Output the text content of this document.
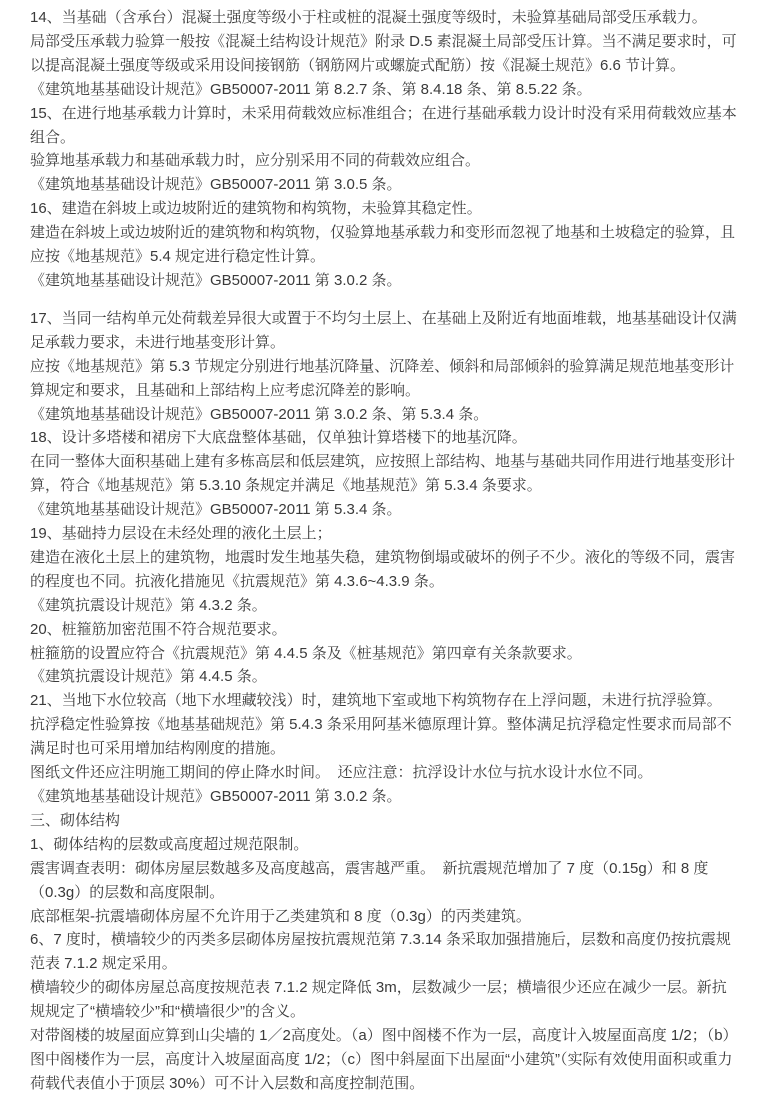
14、当基础（含承台）混凝土强度等级小于柱或桩的混凝土强度等级时，未验算基础局部受压承载力。

局部受压承载力验算一般按《混凝土结构设计规范》附录 D.5 素混凝土局部受压计算。当不满足要求时，可以提高混凝土强度等级或采用设间接钢筋（钢筋网片或螺旋式配筋）按《混凝土规范》6.6 节计算。

《建筑地基基础设计规范》GB50007-2011 第 8.2.7 条、第 8.4.18 条、第 8.5.22 条。

15、在进行地基承载力计算时，未采用荷载效应标准组合；在进行基础承载力设计时没有采用荷载效应基本组合。

验算地基承载力和基础承载力时，应分别采用不同的荷载效应组合。

《建筑地基基础设计规范》GB50007-2011 第 3.0.5 条。

16、建造在斜坡上或边坡附近的建筑物和构筑物，未验算其稳定性。

建造在斜坡上或边坡附近的建筑物和构筑物，仅验算地基承载力和变形而忽视了地基和土坡稳定的验算，且应按《地基规范》5.4 规定进行稳定性计算。

《建筑地基基础设计规范》GB50007-2011 第 3.0.2 条。

17、当同一结构单元处荷载差异很大或置于不均匀土层上、在基础上及附近有地面堆载，地基基础设计仅满足承载力要求，未进行地基变形计算。

应按《地基规范》第 5.3 节规定分别进行地基沉降量、沉降差、倾斜和局部倾斜的验算满足规范地基变形计算规定和要求，且基础和上部结构上应考虑沉降差的影响。

《建筑地基基础设计规范》GB50007-2011 第 3.0.2 条、第 5.3.4 条。

18、设计多塔楼和裙房下大底盘整体基础，仅单独计算塔楼下的地基沉降。

在同一整体大面积基础上建有多栋高层和低层建筑，应按照上部结构、地基与基础共同作用进行地基变形计算，符合《地基规范》第 5.3.10 条规定并满足《地基规范》第 5.3.4 条要求。

《建筑地基基础设计规范》GB50007-2011 第 5.3.4 条。

19、基础持力层设在未经处理的液化土层上；

建造在液化土层上的建筑物，地震时发生地基失稳，建筑物倒塌或破坏的例子不少。液化的等级不同，震害的程度也不同。抗液化措施见《抗震规范》第 4.3.6~4.3.9 条。

《建筑抗震设计规范》第 4.3.2 条。

20、桩箍筋加密范围不符合规范要求。

桩箍筋的设置应符合《抗震规范》第 4.4.5 条及《桩基规范》第四章有关条款要求。

《建筑抗震设计规范》第 4.4.5 条。

21、当地下水位较高（地下水埋藏较浅）时，建筑地下室或地下构筑物存在上浮问题，未进行抗浮验算。

抗浮稳定性验算按《地基基础规范》第 5.4.3 条采用阿基米德原理计算。整体满足抗浮稳定性要求而局部不满足时也可采用增加结构刚度的措施。

图纸文件还应注明施工期间的停止降水时间。　还应注意：抗浮设计水位与抗水设计水位不同。

《建筑地基基础设计规范》GB50007-2011 第 3.0.2 条。

三、砌体结构

1、砌体结构的层数或高度超过规范限制。

震害调查表明：砌体房屋层数越多及高度越高，震害越严重。　新抗震规范增加了 7 度（0.15g）和 8 度（0.3g）的层数和高度限制。

底部框架-抗震墙砌体房屋不允许用于乙类建筑和 8 度（0.3g）的丙类建筑。

6、7 度时，横墙较少的丙类多层砌体房屋按抗震规范第 7.3.14 条采取加强措施后，层数和高度仍按抗震规范表 7.1.2 规定采用。

横墙较少的砌体房屋总高度按规范表 7.1.2 规定降低 3m，层数减少一层；横墙很少还应在减少一层。新抗规规定了“横墙较少”和“横墙很少”的含义。

对带阁楼的坡屋面应算到山尖墙的 1／2高度处。（a）图中阁楼不作为一层，高度计入坡屋面高度 1/2；（b）图中阁楼作为一层，高度计入坡屋面高度 1/2；（c）图中斜屋面下出屋面“小建筑”（实际有效使用面积或重力荷载代表值小于顶层 30%）可不计入层数和高度控制范围。
